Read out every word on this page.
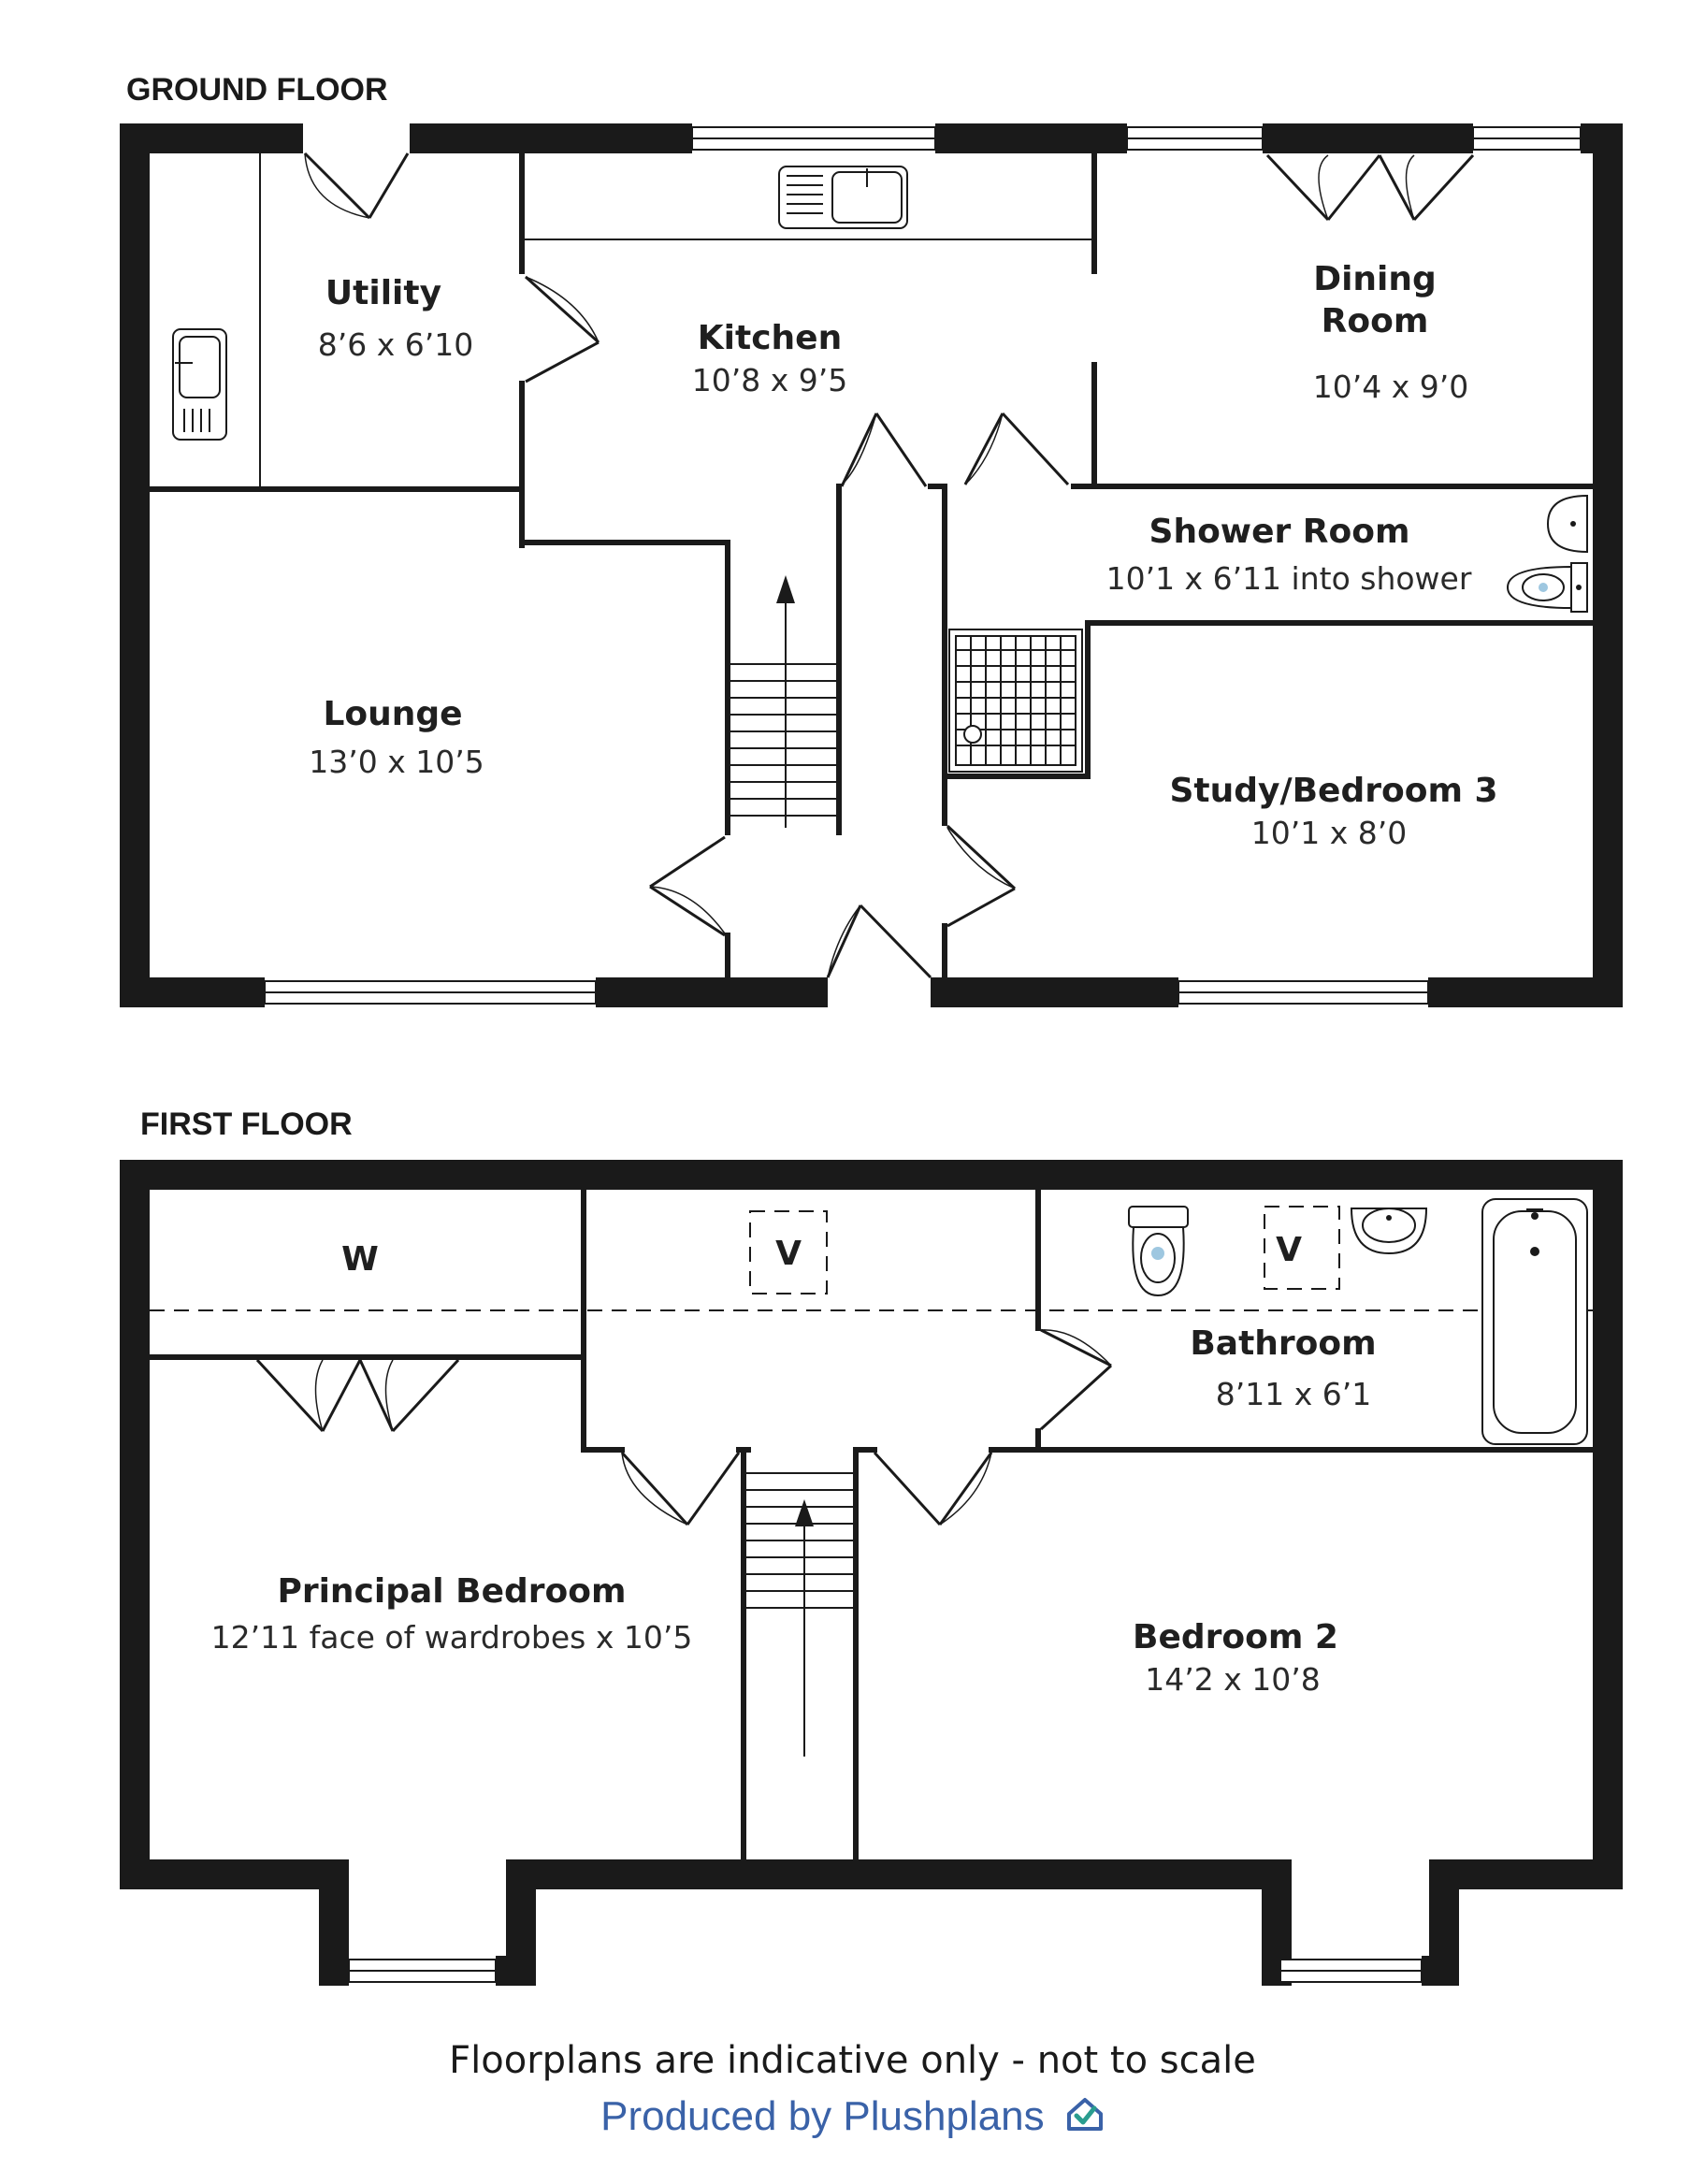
GROUND FLOOR
Utility
8’6 x 6’10	Kitchen
10’8 x 9’5
Dining
Room
10’4 x 9’0
Shower Room
10’1 x 6’11 into shower
Lounge
13’0 x 10’5
Study/Bedroom 3
10’1 x 8’0
FIRST FLOOR
W	V	V
Bathroom
8’11 x 6’1
Principal Bedroom
12’11 face of wardrobes x 10’5	Bedroom 2
14’2 x 10’8
Floorplans are indicative only - not to scale
Produced by Plushplans
